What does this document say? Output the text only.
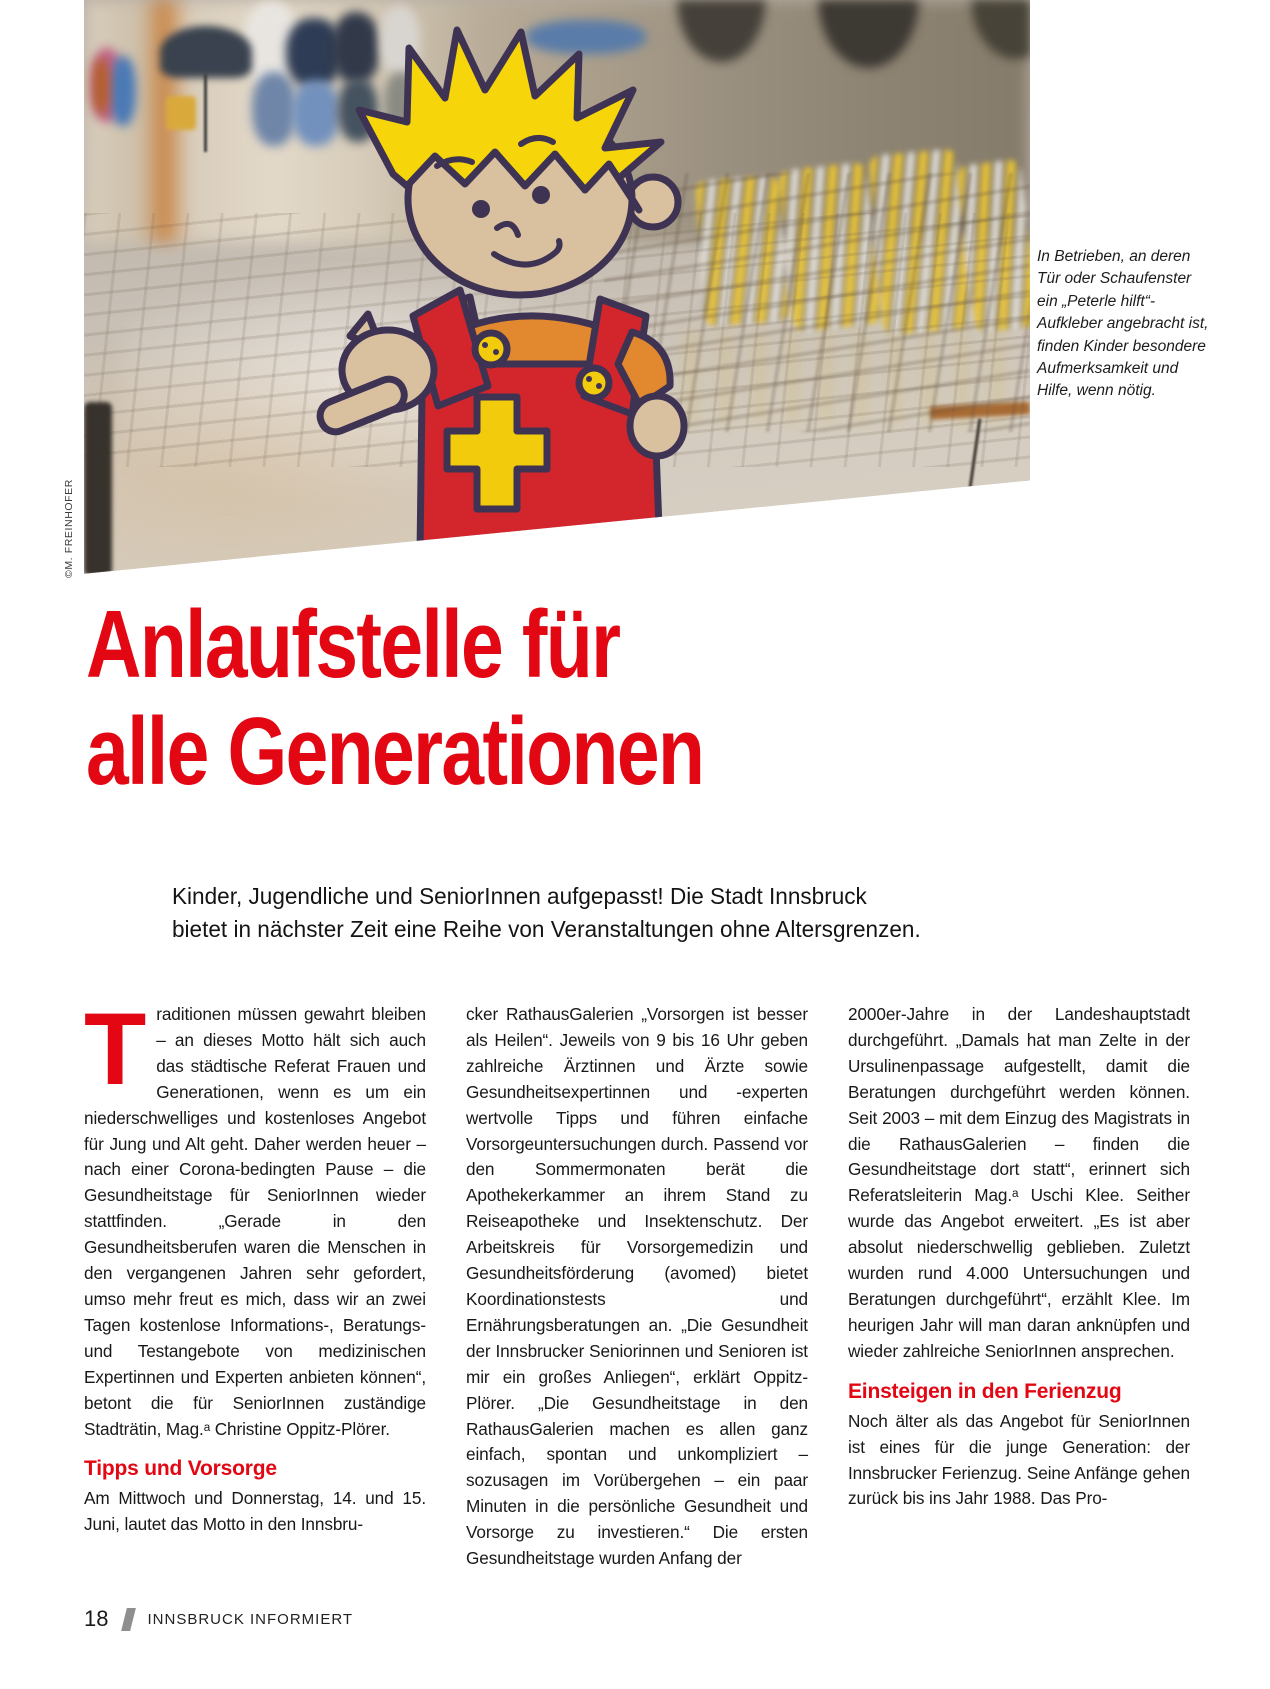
©M. FREINHOFER
In Betrieben, an deren Tür oder Schaufenster ein „Peterle hilft“-Aufkleber angebracht ist, finden Kinder besondere Aufmerksamkeit und Hilfe, wenn nötig.
Anlaufstelle für
alle Generationen
Kinder, Jugendliche und SeniorInnen aufgepasst! Die Stadt Innsbruck
bietet in nächster Zeit eine Reihe von Veranstaltungen ohne Altersgrenzen.

Traditionen müssen gewahrt bleiben – an dieses Motto hält sich auch das städtische Referat Frauen und Generationen, wenn es um ein niederschwelliges und kostenloses Angebot für Jung und Alt geht. Daher werden heuer – nach einer Corona-bedingten Pause – die Gesundheitstage für SeniorInnen wieder stattfinden. „Gerade in den Gesundheitsberufen waren die Menschen in den vergangenen Jahren sehr gefordert, umso mehr freut es mich, dass wir an zwei Tagen kostenlose Informations-, Beratungs- und Testangebote von medizinischen Expertinnen und Experten anbieten können“, betont die für SeniorInnen zuständige Stadträtin, Mag.ᵃ Christine Oppitz-Plörer.

Tipps und Vorsorge

Am Mittwoch und Donnerstag, 14. und 15. Juni, lautet das Motto in den Innsbru-

cker RathausGalerien „Vorsorgen ist besser als Heilen“. Jeweils von 9 bis 16 Uhr geben zahlreiche Ärztinnen und Ärzte sowie Gesundheitsexpertinnen und -experten wertvolle Tipps und führen einfache Vorsorgeuntersuchungen durch. Passend vor den Sommermonaten berät die Apothekerkammer an ihrem Stand zu Reiseapotheke und Insektenschutz. Der Arbeitskreis für Vorsorgemedizin und Gesundheitsförderung (avomed) bietet Koordinationstests und Ernährungsberatungen an. „Die Gesundheit der Innsbrucker Seniorinnen und Senioren ist mir ein großes Anliegen“, erklärt Oppitz-Plörer. „Die Gesundheitstage in den RathausGalerien machen es allen ganz einfach, spontan und unkompliziert – sozusagen im Vorübergehen – ein paar Minuten in die persönliche Gesundheit und Vorsorge zu investieren.“ Die ersten Gesundheitstage wurden Anfang der

2000er-Jahre in der Landeshauptstadt durchgeführt. „Damals hat man Zelte in der Ursulinenpassage aufgestellt, damit die Beratungen durchgeführt werden können. Seit 2003 – mit dem Einzug des Magistrats in die RathausGalerien – finden die Gesundheitstage dort statt“, erinnert sich Referatsleiterin Mag.ᵃ Uschi Klee. Seither wurde das Angebot erweitert. „Es ist aber absolut niederschwellig geblieben. Zuletzt wurden rund 4.000 Untersuchungen und Beratungen durchgeführt“, erzählt Klee. Im heurigen Jahr will man daran anknüpfen und wieder zahlreiche SeniorInnen ansprechen.

Einsteigen in den Ferienzug

Noch älter als das Angebot für SeniorInnen ist eines für die junge Generation: der Innsbrucker Ferienzug. Seine Anfänge gehen zurück bis ins Jahr 1988. Das Pro-

18	INNSBRUCK INFORMIERT
